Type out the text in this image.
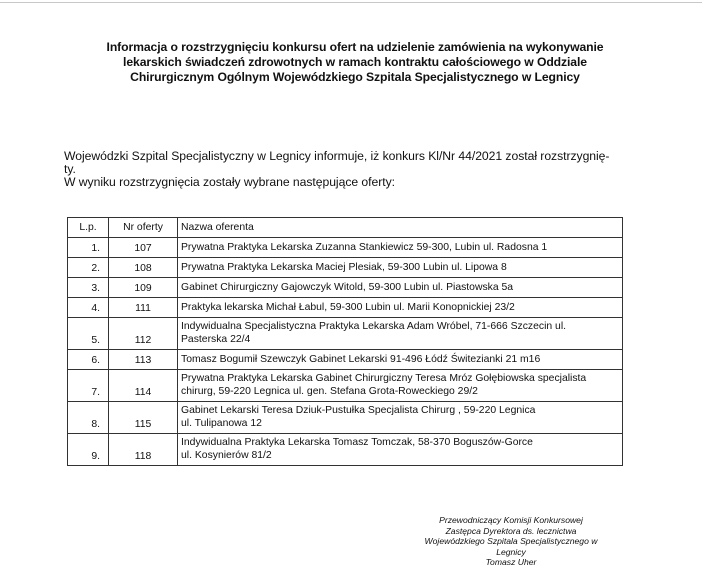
Informacja o rozstrzygnięciu konkursu ofert na udzielenie zamówienia na wykonywanie
lekarskich świadczeń zdrowotnych w ramach kontraktu całościowego w Oddziale
Chirurgicznym Ogólnym Wojewódzkiego Szpitala Specjalistycznego w Legnicy
Wojewódzki Szpital Specjalistyczny w Legnicy informuje, iż konkurs Kl/Nr 44/2021 został rozstrzygnię-
ty.
W wyniku rozstrzygnięcia zostały wybrane następujące oferty:
L.p.	Nr oferty	Nazwa oferenta
1.	107	Prywatna Praktyka Lekarska Zuzanna Stankiewicz 59-300, Lubin ul. Radosna 1

2.	108	Prywatna Praktyka Lekarska Maciej Plesiak, 59-300 Lubin ul. Lipowa 8

3.	109	Gabinet Chirurgiczny Gajowczyk Witold, 59-300 Lubin ul. Piastowska 5a

4.	111	Praktyka lekarska Michał Łabul, 59-300 Lubin ul. Marii Konopnickiej 23/2

5.	112	Indywidualna Specjalistyczna Praktyka Lekarska Adam Wróbel, 71-666 Szczecin ul.
Pasterska 22/4

6.	113	Tomasz Bogumił Szewczyk Gabinet Lekarski 91-496 Łódź Świtezianki 21 m16

7.	114	Prywatna Praktyka Lekarska Gabinet Chirurgiczny Teresa Mróz Gołębiowska specjalista
chirurg, 59-220 Legnica ul. gen. Stefana Grota-Roweckiego 29/2

8.	115	Gabinet Lekarski Teresa Dziuk-Pustułka Specjalista Chirurg , 59-220 Legnica
ul. Tulipanowa 12

9.	118	Indywidualna Praktyka Lekarska Tomasz Tomczak, 58-370 Boguszów-Gorce
ul. Kosynierów 81/2
Przewodniczący Komisji Konkursowej
Zastępca Dyrektora ds. lecznictwa
Wojewódzkiego Szpitala Specjalistycznego w
Legnicy
Tomasz Uher
